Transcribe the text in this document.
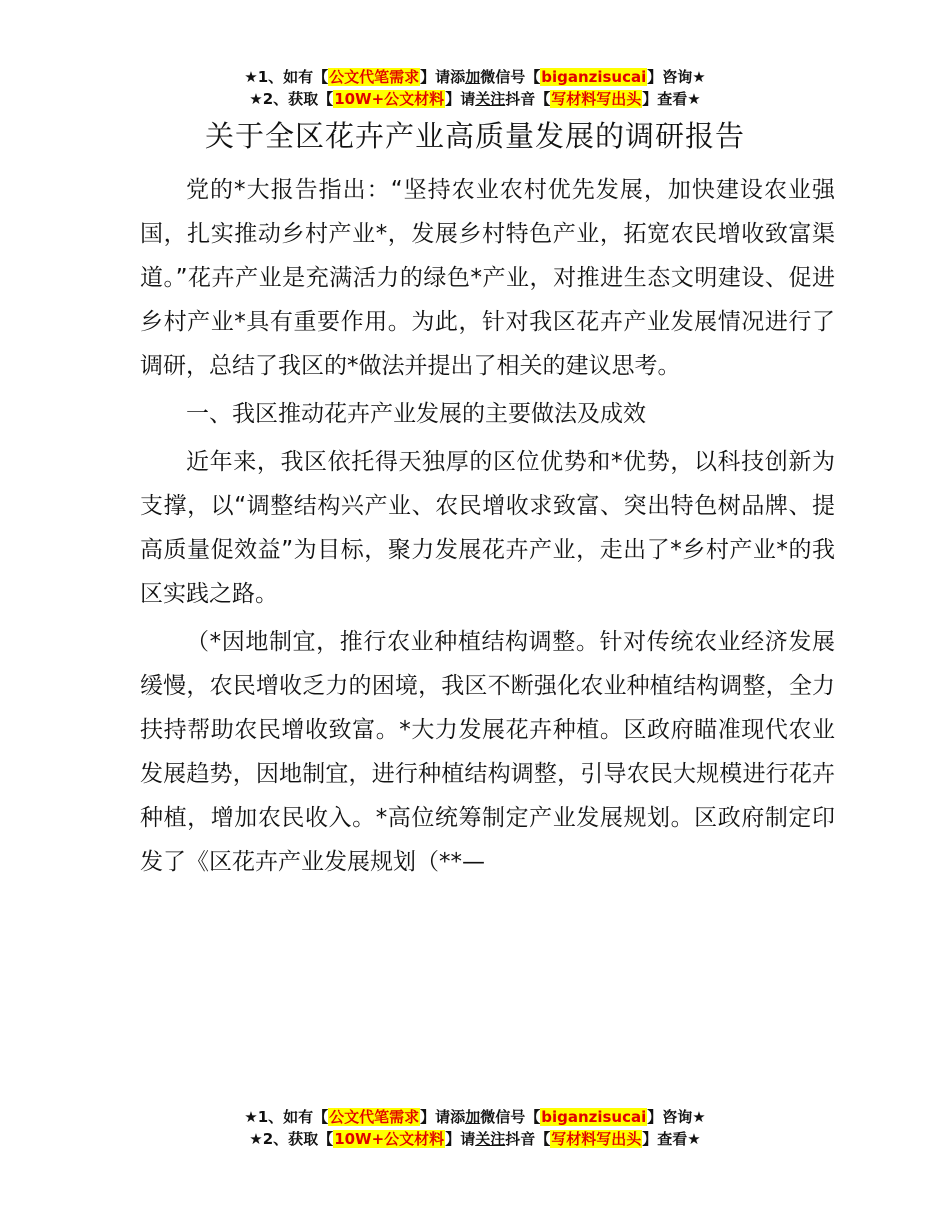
★1、如有【公文代笔需求】请添加微信号【biganzisucai】咨询★
★2、获取【10W+公文材料】请关注抖音【写材料写出头】查看★
关于全区花卉产业高质量发展的调研报告

党的*大报告指出：“坚持农业农村优先发展，加快建设农业强国，扎实推动乡村产业*，发展乡村特色产业，拓宽农民增收致富渠道。”花卉产业是充满活力的绿色*产业，对推进生态文明建设、促进乡村产业*具有重要作用。为此，针对我区花卉产业发展情况进行了调研，总结了我区的*做法并提出了相关的建议思考。

一、我区推动花卉产业发展的主要做法及成效

近年来，我区依托得天独厚的区位优势和*优势，以科技创新为支撑，以“调整结构兴产业、农民增收求致富、突出特色树品牌、提高质量促效益”为目标，聚力发展花卉产业，走出了*乡村产业*的我区实践之路。

（*因地制宜，推行农业种植结构调整。针对传统农业经济发展缓慢，农民增收乏力的困境，我区不断强化农业种植结构调整，全力扶持帮助农民增收致富。*大力发展花卉种植。区政府瞄准现代农业发展趋势，因地制宜，进行种植结构调整，引导农民大规模进行花卉种植，增加农民收入。*高位统筹制定产业发展规划。区政府制定印发了《区花卉产业发展规划（**—

★1、如有【公文代笔需求】请添加微信号【biganzisucai】咨询★
★2、获取【10W+公文材料】请关注抖音【写材料写出头】查看★
